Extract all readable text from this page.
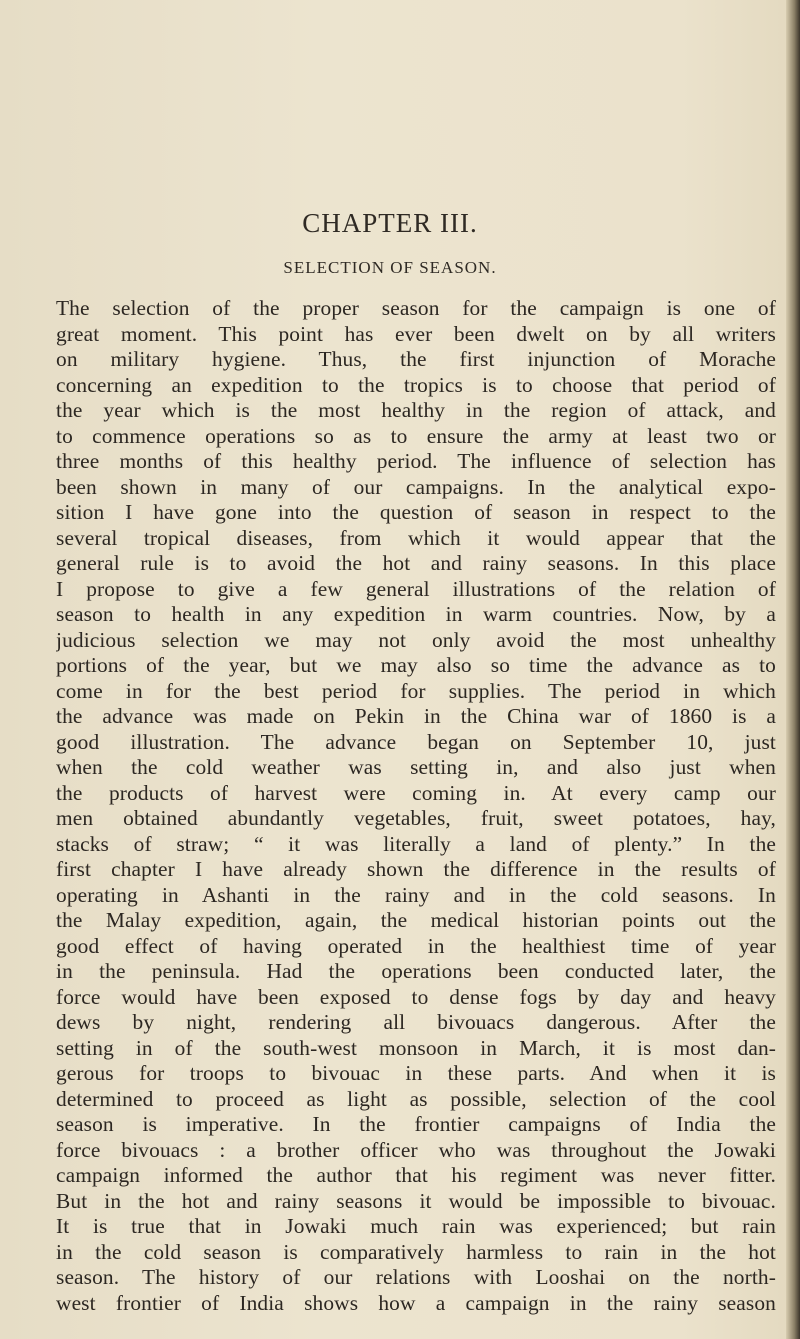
CHAPTER III.
SELECTION OF SEASON.
The selection of the proper season for the campaign is one of
great moment. This point has ever been dwelt on by all writers
on military hygiene. Thus, the first injunction of Morache
concerning an expedition to the tropics is to choose that period of
the year which is the most healthy in the region of attack, and
to commence operations so as to ensure the army at least two or
three months of this healthy period. The influence of selection has
been shown in many of our campaigns. In the analytical expo-
sition I have gone into the question of season in respect to the
several tropical diseases, from which it would appear that the
general rule is to avoid the hot and rainy seasons. In this place
I propose to give a few general illustrations of the relation of
season to health in any expedition in warm countries. Now, by a
judicious selection we may not only avoid the most unhealthy
portions of the year, but we may also so time the advance as to
come in for the best period for supplies. The period in which
the advance was made on Pekin in the China war of 1860 is a
good illustration. The advance began on September 10, just
when the cold weather was setting in, and also just when
the products of harvest were coming in. At every camp our
men obtained abundantly vegetables, fruit, sweet potatoes, hay,
stacks of straw; “ it was literally a land of plenty.” In the
first chapter I have already shown the difference in the results of
operating in Ashanti in the rainy and in the cold seasons. In
the Malay expedition, again, the medical historian points out the
good effect of having operated in the healthiest time of year
in the peninsula. Had the operations been conducted later, the
force would have been exposed to dense fogs by day and heavy
dews by night, rendering all bivouacs dangerous. After the
setting in of the south-west monsoon in March, it is most dan-
gerous for troops to bivouac in these parts. And when it is
determined to proceed as light as possible, selection of the cool
season is imperative. In the frontier campaigns of India the
force bivouacs : a brother officer who was throughout the Jowaki
campaign informed the author that his regiment was never fitter.
But in the hot and rainy seasons it would be impossible to bivouac.
It is true that in Jowaki much rain was experienced; but rain
in the cold season is comparatively harmless to rain in the hot
season. The history of our relations with Looshai on the north-
west frontier of India shows how a campaign in the rainy season
